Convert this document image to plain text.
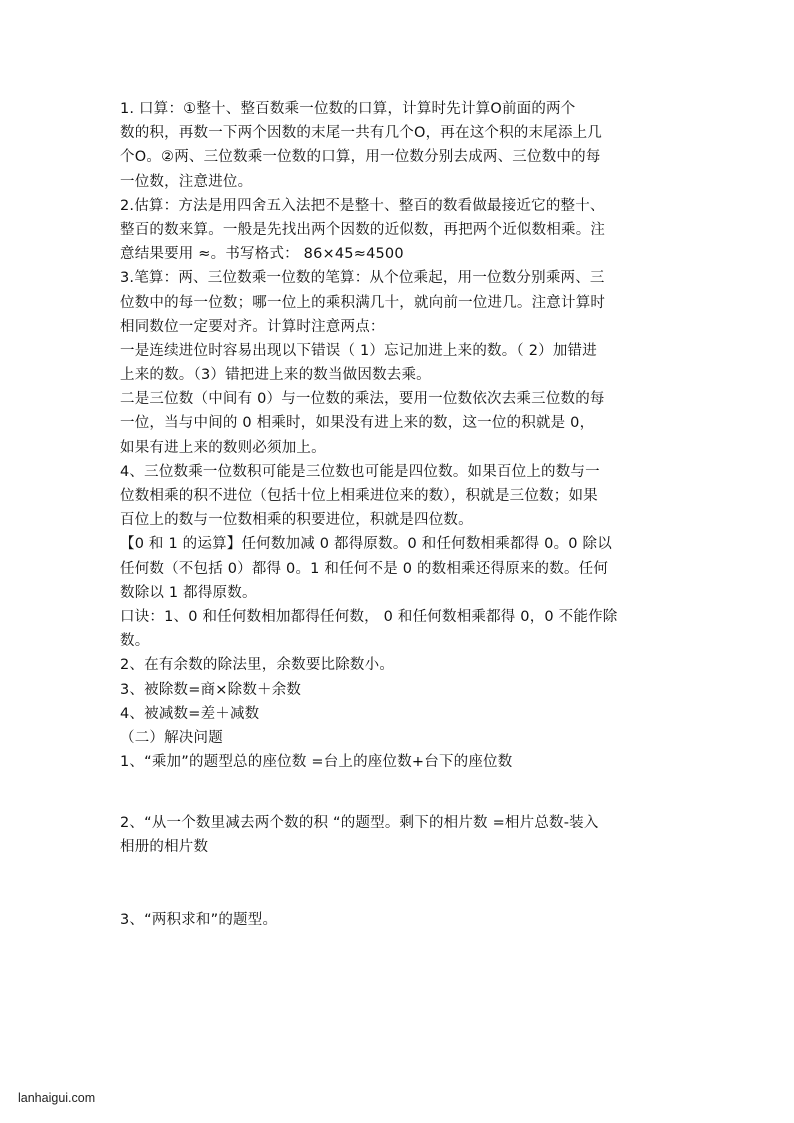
1. 口算：①整十、整百数乘一位数的口算，计算时先计算O前面的两个
数的积，再数一下两个因数的末尾一共有几个O，再在这个积的末尾添上几
个O。②两、三位数乘一位数的口算，用一位数分别去成两、三位数中的每
一位数，注意进位。
2.估算：方法是用四舍五入法把不是整十、整百的数看做最接近它的整十、
整百的数来算。一般是先找出两个因数的近似数，再把两个近似数相乘。注
意结果要用 ≈。书写格式： 86×45≈4500
3.笔算：两、三位数乘一位数的笔算：从个位乘起，用一位数分别乘两、三
位数中的每一位数；哪一位上的乘积满几十，就向前一位进几。注意计算时
相同数位一定要对齐。计算时注意两点：
一是连续进位时容易出现以下错误（ 1）忘记加进上来的数。（ 2）加错进
上来的数。（3）错把进上来的数当做因数去乘。
二是三位数（中间有 0）与一位数的乘法，要用一位数依次去乘三位数的每
一位，当与中间的 0 相乘时，如果没有进上来的数，这一位的积就是 0，
如果有进上来的数则必须加上。
4、三位数乘一位数积可能是三位数也可能是四位数。如果百位上的数与一
位数相乘的积不进位（包括十位上相乘进位来的数），积就是三位数；如果
百位上的数与一位数相乘的积要进位，积就是四位数。
【0 和 1 的运算】任何数加减 0 都得原数。0 和任何数相乘都得 0。0 除以
任何数（不包括 0）都得 0。1 和任何不是 0 的数相乘还得原来的数。任何
数除以 1 都得原数。
口诀：1、0 和任何数相加都得任何数， 0 和任何数相乘都得 0，0 不能作除
数。
2、在有余数的除法里，余数要比除数小。
3、被除数=商×除数＋余数
4、被减数=差＋减数
（二）解决问题
1、“乘加”的题型总的座位数 =台上的座位数+台下的座位数
2、“从一个数里减去两个数的积 “的题型。剩下的相片数 =相片总数-装入
相册的相片数
3、“两积求和”的题型。
lanhaigui.com
